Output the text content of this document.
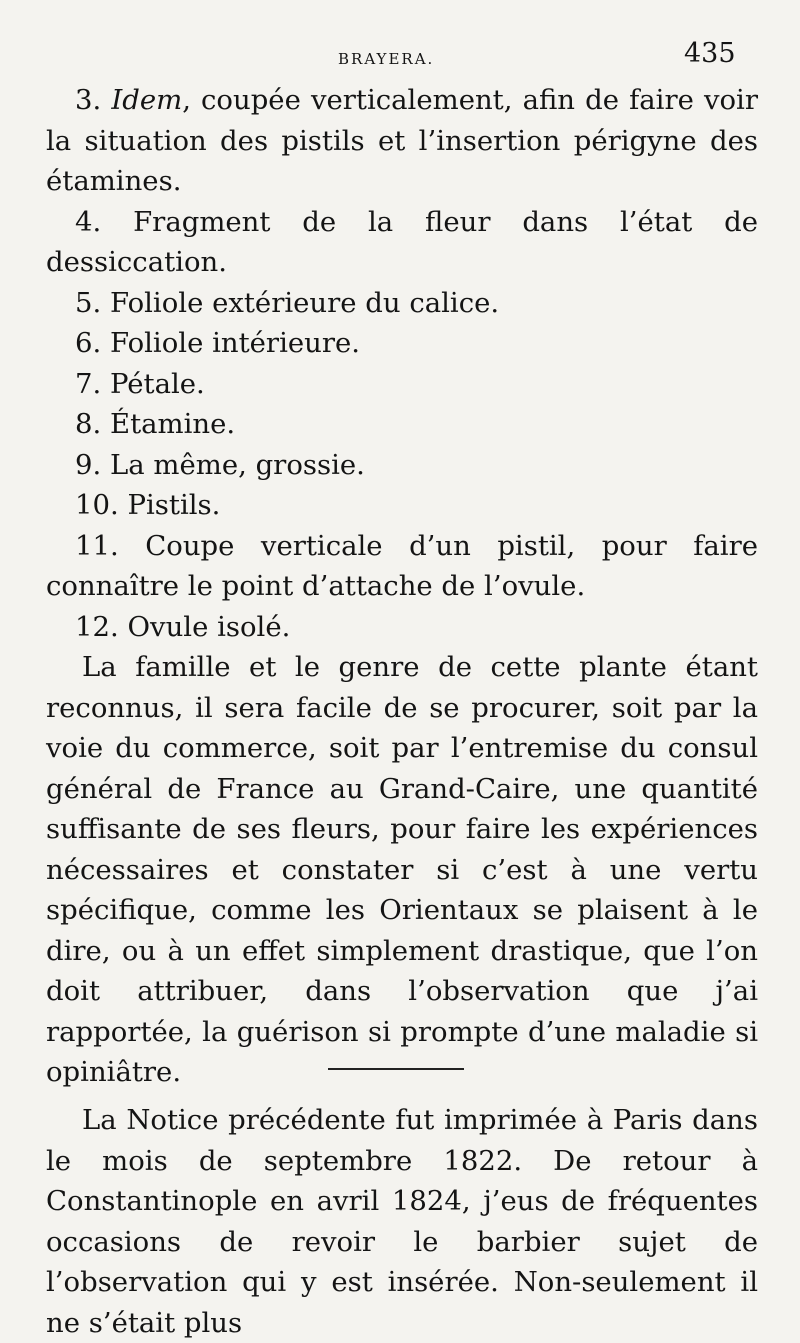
BRAYERA.	435

3. Idem, coupée verticalement, afin de faire voir la situation des pistils et l’insertion périgyne des étamines.

4. Fragment de la fleur dans l’état de dessiccation.

5. Foliole extérieure du calice.

6. Foliole intérieure.

7. Pétale.

8. Étamine.

9. La même, grossie.

10. Pistils.

11. Coupe verticale d’un pistil, pour faire connaître le point d’attache de l’ovule.

12. Ovule isolé.

La famille et le genre de cette plante étant reconnus, il sera facile de se procurer, soit par la voie du commerce, soit par l’entremise du consul général de France au Grand-Caire, une quantité suffisante de ses fleurs, pour faire les expériences nécessaires et constater si c’est à une vertu spécifique, comme les Orientaux se plaisent à le dire, ou à un effet simplement drastique, que l’on doit attribuer, dans l’observation que j’ai rapportée, la guérison si prompte d’une maladie si opiniâtre.

La Notice précédente fut imprimée à Paris dans le mois de septembre 1822. De retour à Constantinople en avril 1824, j’eus de fréquentes occasions de revoir le barbier sujet de l’observation qui y est insérée. Non-seulement il ne s’était plus
